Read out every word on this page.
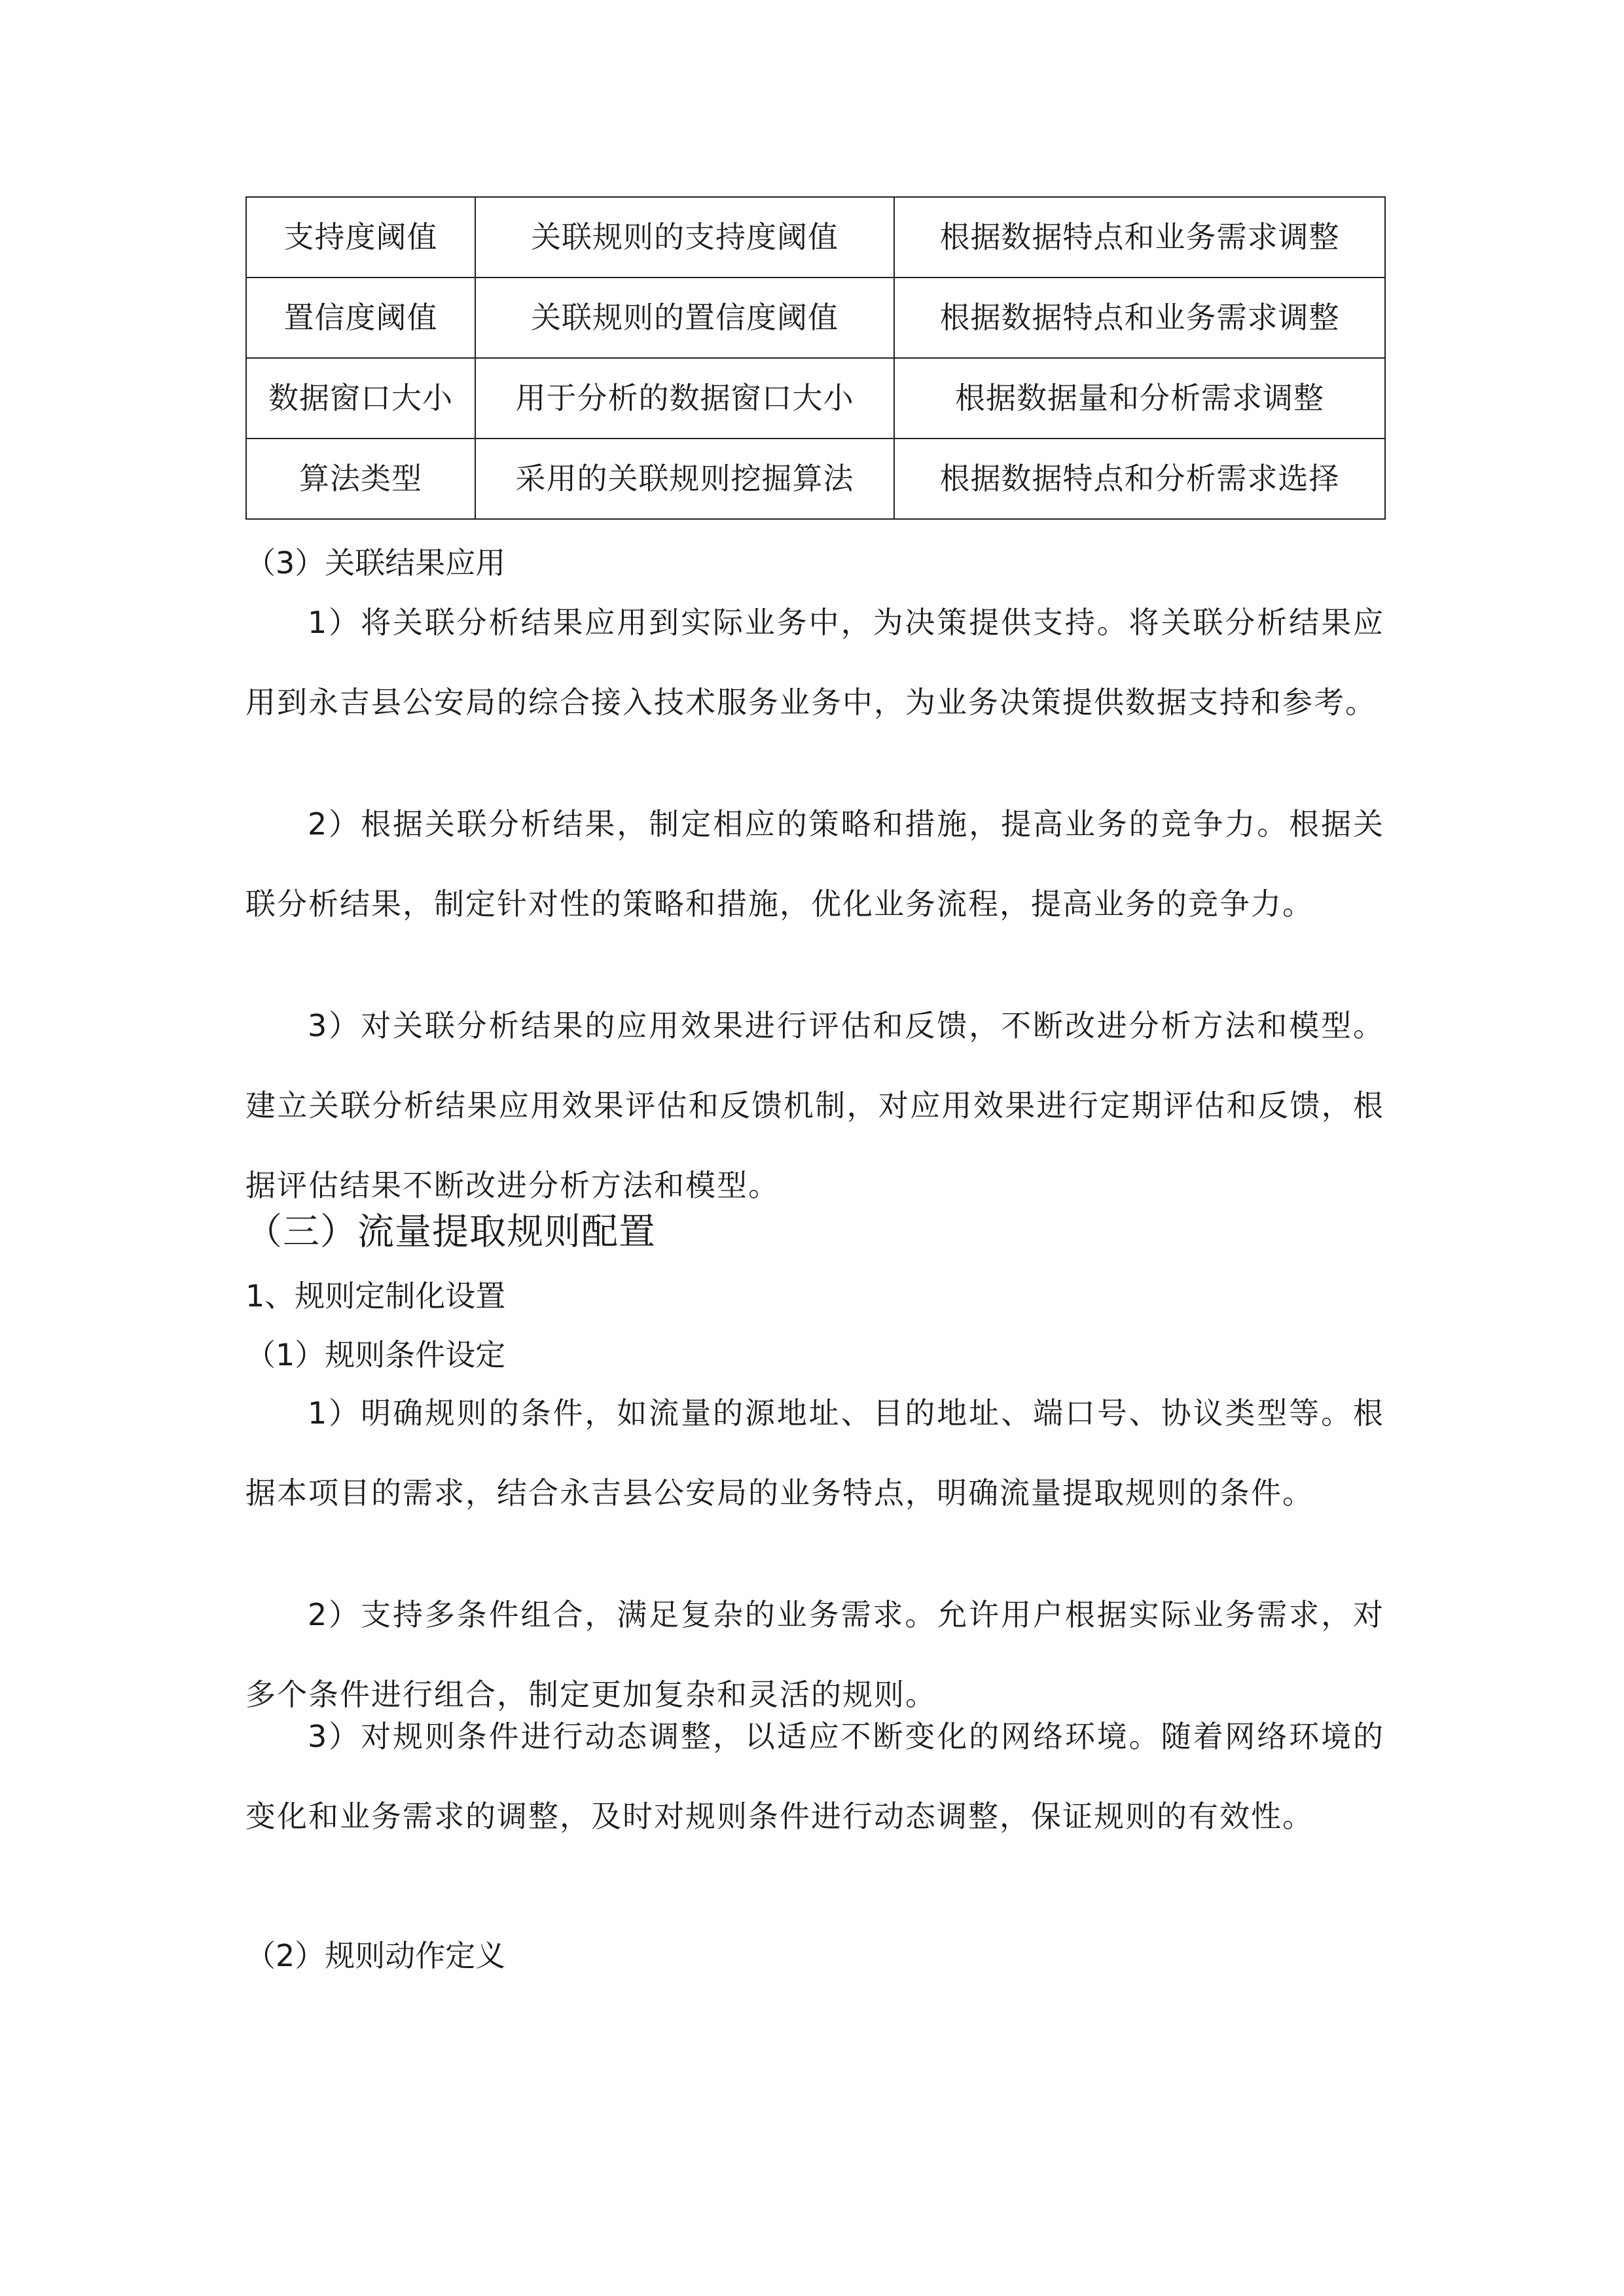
支持度阈值	关联规则的支持度阈值	根据数据特点和业务需求调整
置信度阈值	关联规则的置信度阈值	根据数据特点和业务需求调整
数据窗口大小	用于分析的数据窗口大小	根据数据量和分析需求调整
算法类型	采用的关联规则挖掘算法	根据数据特点和分析需求选择
（3）关联结果应用
1）将关联分析结果应用到实际业务中，为决策提供支持。将关联分析结果应用到永吉县公安局的综合接入技术服务业务中，为业务决策提供数据支持和参考。
2）根据关联分析结果，制定相应的策略和措施，提高业务的竞争力。根据关联分析结果，制定针对性的策略和措施，优化业务流程，提高业务的竞争力。
3）对关联分析结果的应用效果进行评估和反馈，不断改进分析方法和模型。建立关联分析结果应用效果评估和反馈机制，对应用效果进行定期评估和反馈，根据评估结果不断改进分析方法和模型。
（三）流量提取规则配置
1、规则定制化设置
（1）规则条件设定
1）明确规则的条件，如流量的源地址、目的地址、端口号、协议类型等。根据本项目的需求，结合永吉县公安局的业务特点，明确流量提取规则的条件。
2）支持多条件组合，满足复杂的业务需求。允许用户根据实际业务需求，对多个条件进行组合，制定更加复杂和灵活的规则。
3）对规则条件进行动态调整，以适应不断变化的网络环境。随着网络环境的变化和业务需求的调整，及时对规则条件进行动态调整，保证规则的有效性。
（2）规则动作定义
